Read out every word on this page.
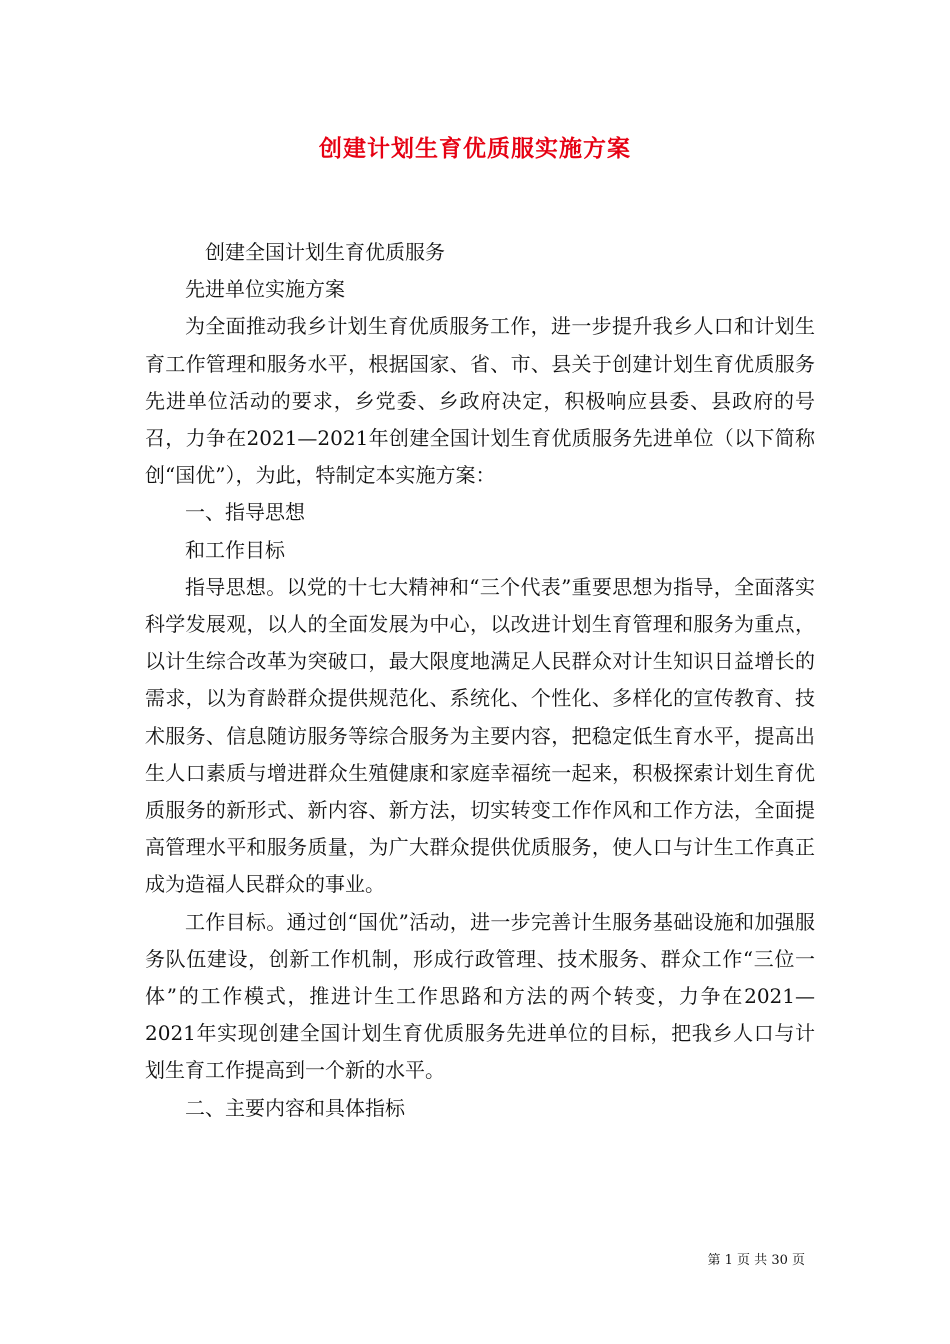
创建计划生育优质服实施方案

创建全国计划生育优质服务

先进单位实施方案

为全面推动我乡计划生育优质服务工作，进一步提升我乡人口和计划生育工作管理和服务水平，根据国家、省、市、县关于创建计划生育优质服务先进单位活动的要求，乡党委、乡政府决定，积极响应县委、县政府的号召，力争在2021—2021年创建全国计划生育优质服务先进单位（以下简称创“国优”），为此，特制定本实施方案：

一、指导思想

和工作目标

指导思想。以党的十七大精神和“三个代表”重要思想为指导，全面落实科学发展观，以人的全面发展为中心，以改进计划生育管理和服务为重点，以计生综合改革为突破口，最大限度地满足人民群众对计生知识日益增长的需求，以为育龄群众提供规范化、系统化、个性化、多样化的宣传教育、技术服务、信息随访服务等综合服务为主要内容，把稳定低生育水平，提高出生人口素质与增进群众生殖健康和家庭幸福统一起来，积极探索计划生育优质服务的新形式、新内容、新方法，切实转变工作作风和工作方法，全面提高管理水平和服务质量，为广大群众提供优质服务，使人口与计生工作真正成为造福人民群众的事业。

工作目标。通过创“国优”活动，进一步完善计生服务基础设施和加强服务队伍建设，创新工作机制，形成行政管理、技术服务、群众工作“三位一体”的工作模式，推进计生工作思路和方法的两个转变，力争在2021—2021年实现创建全国计划生育优质服务先进单位的目标，把我乡人口与计划生育工作提高到一个新的水平。

二、主要内容和具体指标

第 1 页 共 30 页
